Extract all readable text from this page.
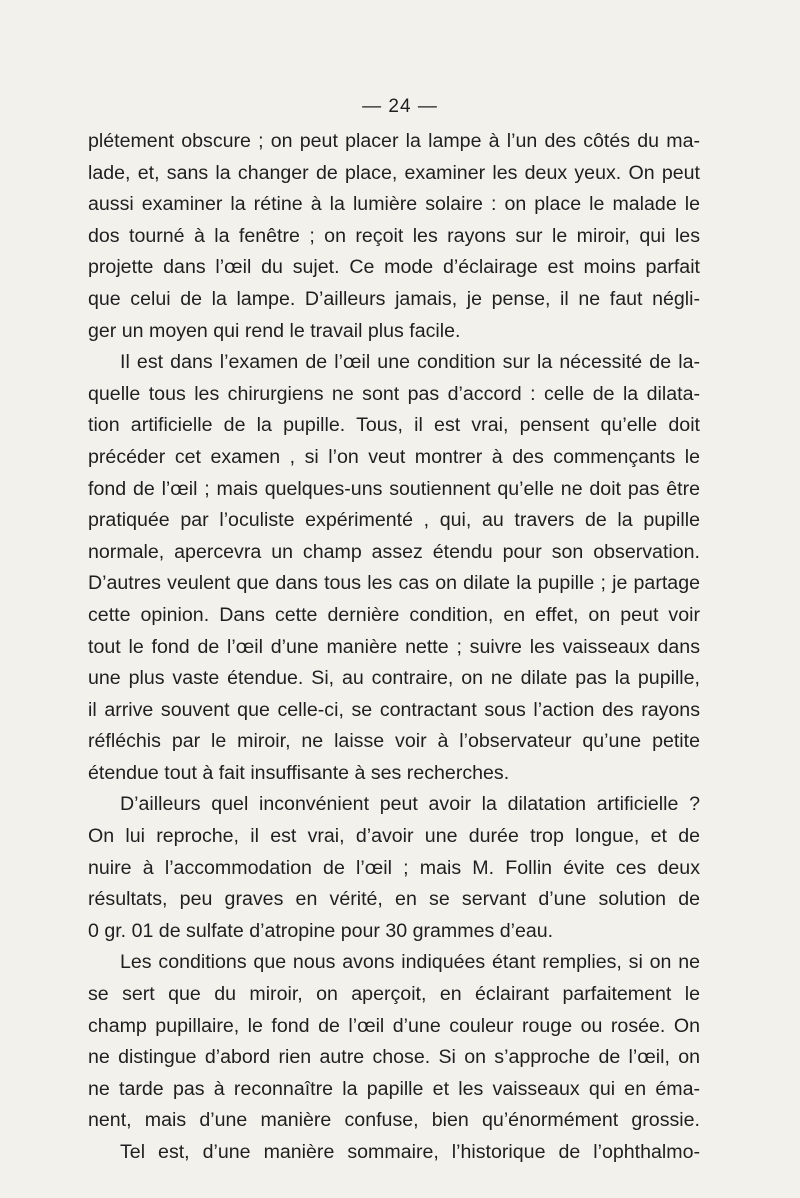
— 24 —
plétement obscure ; on peut placer la lampe à l’un des côtés du ma-
lade, et, sans la changer de place, examiner les deux yeux. On peut
aussi examiner la rétine à la lumière solaire : on place le malade le
dos tourné à la fenêtre ; on reçoit les rayons sur le miroir, qui les
projette dans l’œil du sujet. Ce mode d’éclairage est moins parfait
que celui de la lampe. D’ailleurs jamais, je pense, il ne faut négli-
ger un moyen qui rend le travail plus facile.
Il est dans l’examen de l’œil une condition sur la nécessité de la-
quelle tous les chirurgiens ne sont pas d’accord : celle de la dilata-
tion artificielle de la pupille. Tous, il est vrai, pensent qu’elle doit
précéder cet examen , si l’on veut montrer à des commençants le
fond de l’œil ; mais quelques-uns soutiennent qu’elle ne doit pas être
pratiquée par l’oculiste expérimenté , qui, au travers de la pupille
normale, apercevra un champ assez étendu pour son observation.
D’autres veulent que dans tous les cas on dilate la pupille ; je partage
cette opinion. Dans cette dernière condition, en effet, on peut voir
tout le fond de l’œil d’une manière nette ; suivre les vaisseaux dans
une plus vaste étendue. Si, au contraire, on ne dilate pas la pupille,
il arrive souvent que celle-ci, se contractant sous l’action des rayons
réfléchis par le miroir, ne laisse voir à l’observateur qu’une petite
étendue tout à fait insuffisante à ses recherches.
D’ailleurs quel inconvénient peut avoir la dilatation artificielle ?
On lui reproche, il est vrai, d’avoir une durée trop longue, et de
nuire à l’accommodation de l’œil ; mais M. Follin évite ces deux
résultats, peu graves en vérité, en se servant d’une solution de
0 gr. 01 de sulfate d’atropine pour 30 grammes d’eau.
Les conditions que nous avons indiquées étant remplies, si on ne
se sert que du miroir, on aperçoit, en éclairant parfaitement le
champ pupillaire, le fond de l’œil d’une couleur rouge ou rosée. On
ne distingue d’abord rien autre chose. Si on s’approche de l’œil, on
ne tarde pas à reconnaître la papille et les vaisseaux qui en éma-
nent, mais d’une manière confuse, bien qu’énormément grossie.
Tel est, d’une manière sommaire, l’historique de l’ophthalmo-
